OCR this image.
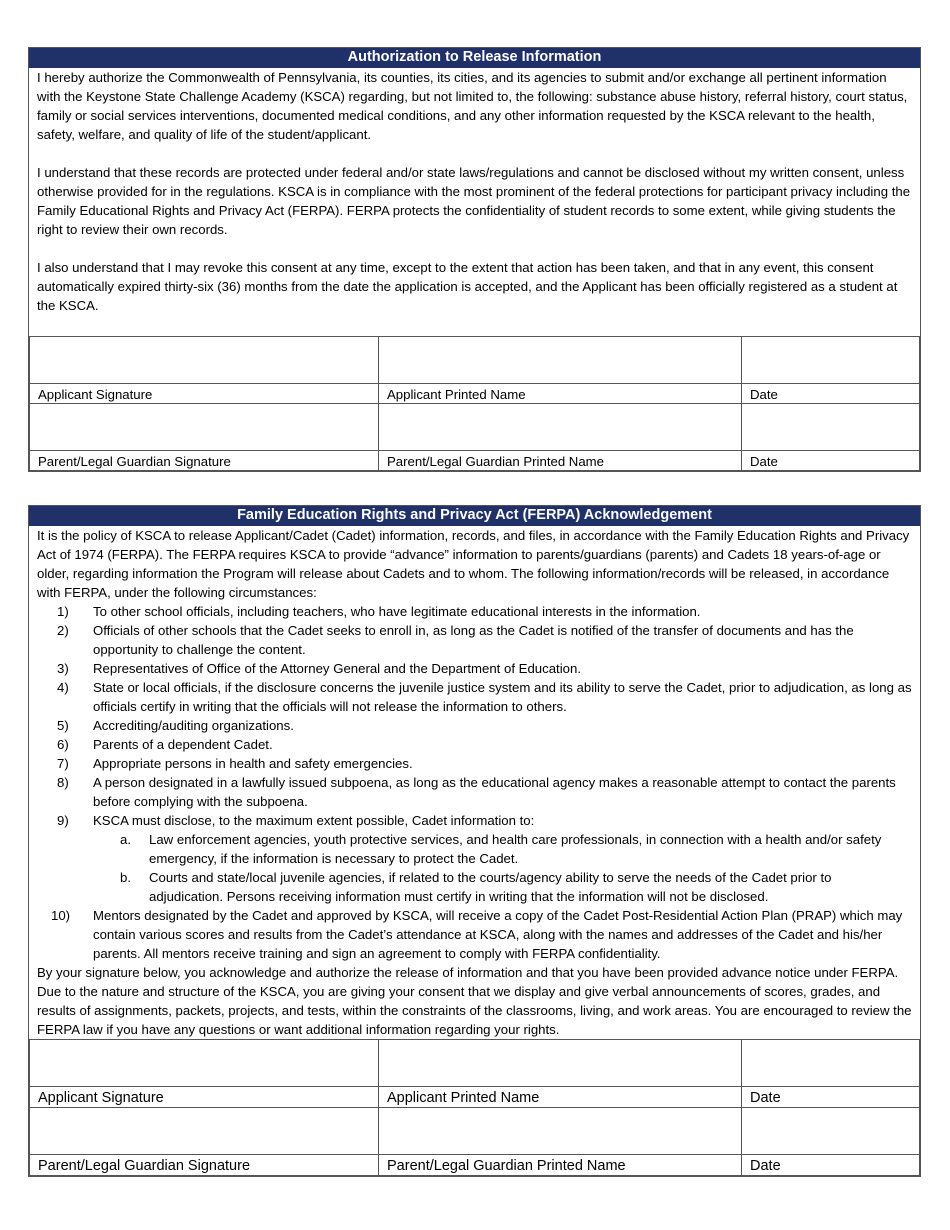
Authorization to Release Information

I hereby authorize the Commonwealth of Pennsylvania, its counties, its cities, and its agencies to submit and/or exchange all pertinent information with the Keystone State Challenge Academy (KSCA) regarding, but not limited to, the following: substance abuse history, referral history, court status, family or social services interventions, documented medical conditions, and any other information requested by the KSCA relevant to the health, safety, welfare, and quality of life of the student/applicant.

I understand that these records are protected under federal and/or state laws/regulations and cannot be disclosed without my written consent, unless otherwise provided for in the regulations. KSCA is in compliance with the most prominent of the federal protections for participant privacy including the Family Educational Rights and Privacy Act (FERPA). FERPA protects the confidentiality of student records to some extent, while giving students the right to review their own records.

I also understand that I may revoke this consent at any time, except to the extent that action has been taken, and that in any event, this consent automatically expired thirty-six (36) months from the date the application is accepted, and the Applicant has been officially registered as a student at the KSCA.

Applicant Signature	Applicant Printed Name	Date

Parent/Legal Guardian Signature	Parent/Legal Guardian Printed Name	Date
Family Education Rights and Privacy Act (FERPA) Acknowledgement

It is the policy of KSCA to release Applicant/Cadet (Cadet) information, records, and files, in accordance with the Family Education Rights and Privacy Act of 1974 (FERPA). The FERPA requires KSCA to provide “advance” information to parents/guardians (parents) and Cadets 18 years-of-age or older, regarding information the Program will release about Cadets and to whom. The following information/records will be released, in accordance with FERPA, under the following circumstances:

1)	To other school officials, including teachers, who have legitimate educational interests in the information.
2)	Officials of other schools that the Cadet seeks to enroll in, as long as the Cadet is notified of the transfer of documents and has the opportunity to challenge the content.
3)	Representatives of Office of the Attorney General and the Department of Education.
4)	State or local officials, if the disclosure concerns the juvenile justice system and its ability to serve the Cadet, prior to adjudication, as long as officials certify in writing that the officials will not release the information to others.
5)	Accrediting/auditing organizations.
6)	Parents of a dependent Cadet.
7)	Appropriate persons in health and safety emergencies.
8)	A person designated in a lawfully issued subpoena, as long as the educational agency makes a reasonable attempt to contact the parents before complying with the subpoena.
9)	KSCA must disclose, to the maximum extent possible, Cadet information to:
a.	Law enforcement agencies, youth protective services, and health care professionals, in connection with a health and/or safety emergency, if the information is necessary to protect the Cadet.
b.	Courts and state/local juvenile agencies, if related to the courts/agency ability to serve the needs of the Cadet prior to adjudication. Persons receiving information must certify in writing that the information will not be disclosed.
10)	Mentors designated by the Cadet and approved by KSCA, will receive a copy of the Cadet Post-Residential Action Plan (PRAP) which may contain various scores and results from the Cadet’s attendance at KSCA, along with the names and addresses of the Cadet and his/her parents. All mentors receive training and sign an agreement to comply with FERPA confidentiality.

By your signature below, you acknowledge and authorize the release of information and that you have been provided advance notice under FERPA. Due to the nature and structure of the KSCA, you are giving your consent that we display and give verbal announcements of scores, grades, and results of assignments, packets, projects, and tests, within the constraints of the classrooms, living, and work areas. You are encouraged to review the FERPA law if you have any questions or want additional information regarding your rights.

Applicant Signature	Applicant Printed Name	Date

Parent/Legal Guardian Signature	Parent/Legal Guardian Printed Name	Date
